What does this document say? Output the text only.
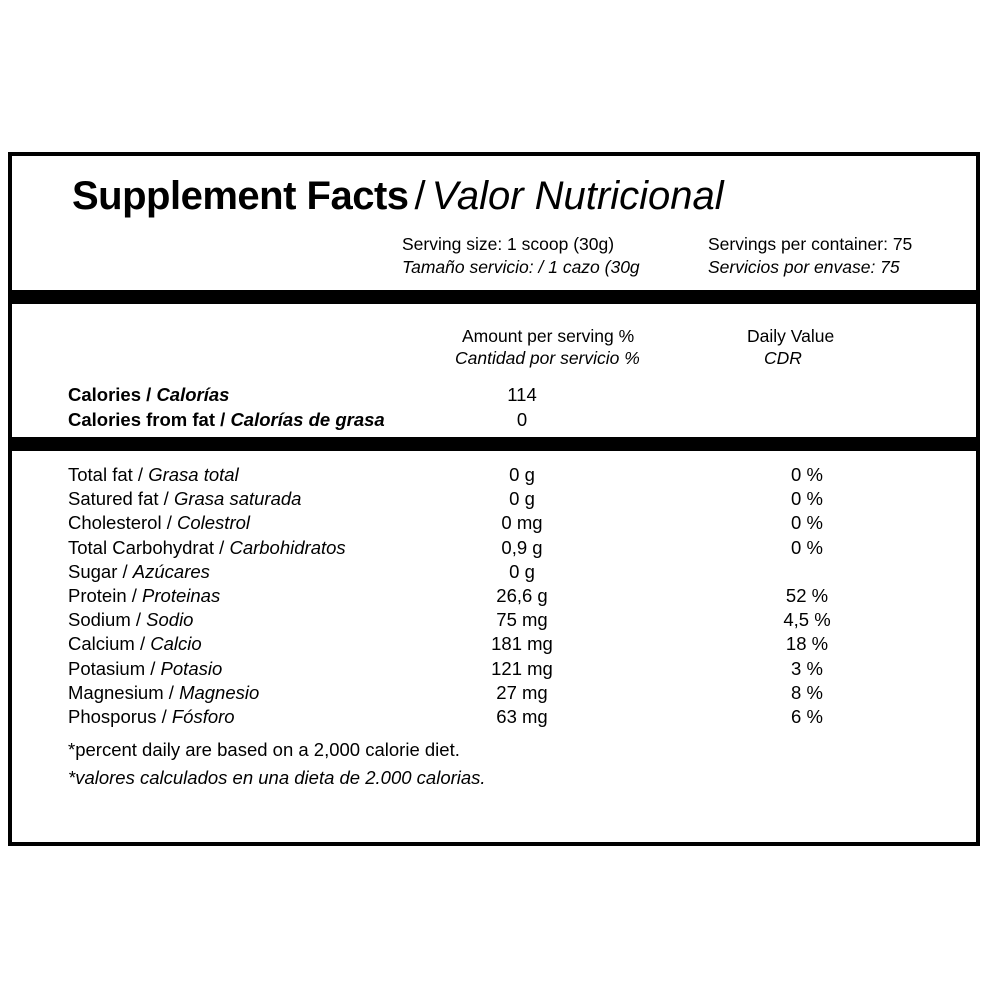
Supplement Facts / Valor Nutricional
Serving size: 1 scoop (30g)
Tamaño servicio: / 1 cazo (30g
Servings per container: 75
Servicios por envase: 75
Amount per serving %
Cantidad por servicio %
Daily Value
CDR
Calories / Calorías	114
Calories from fat / Calorías de grasa	0
Total fat / Grasa total	0 g	0 %
Satured fat / Grasa saturada	0 g	0 %
Cholesterol / Colestrol	0 mg	0 %
Total Carbohydrat / Carbohidratos	0,9 g	0 %
Sugar / Azúcares	0 g
Protein / Proteinas	26,6 g	52 %
Sodium / Sodio	75 mg	4,5 %
Calcium / Calcio	181 mg	18 %
Potasium / Potasio	121 mg	3 %
Magnesium / Magnesio	27 mg	8 %
Phosporus / Fósforo	63 mg	6 %
*percent daily are based on a 2,000 calorie diet.
*valores calculados en una dieta de 2.000 calorias.
